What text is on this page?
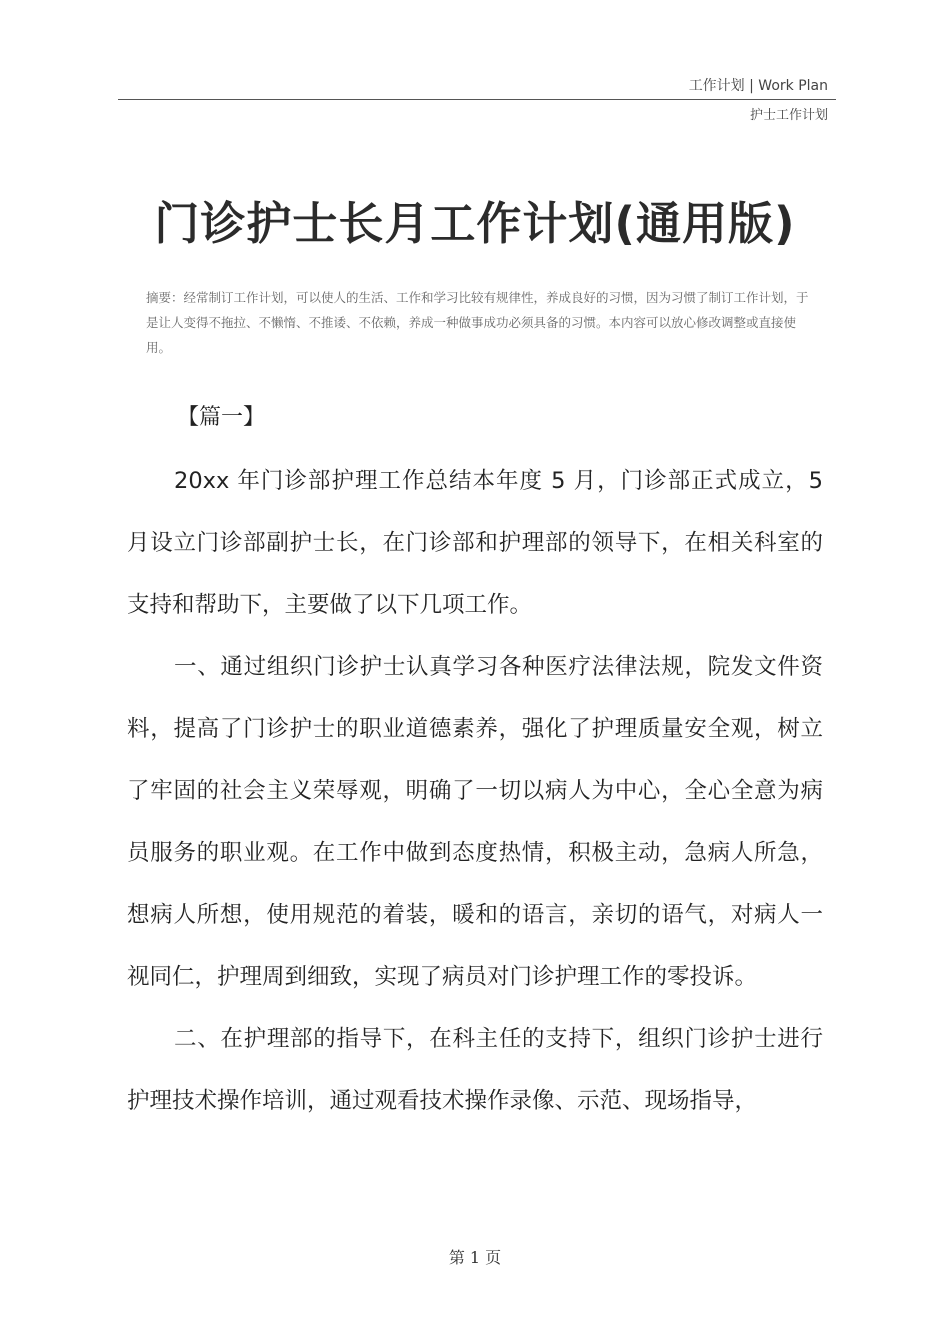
工作计划 | Work Plan
护士工作计划
门诊护士长月工作计划(通用版)
摘要：经常制订工作计划，可以使人的生活、工作和学习比较有规律性，养成良好的习惯，因为习惯了制订工作计划，于是让人变得不拖拉、不懒惰、不推诿、不依赖，养成一种做事成功必须具备的习惯。本内容可以放心修改调整或直接使用。
【篇一】

20xx 年门诊部护理工作总结本年度 5 月，门诊部正式成立，5 月设立门诊部副护士长，在门诊部和护理部的领导下，在相关科室的支持和帮助下，主要做了以下几项工作。

一、通过组织门诊护士认真学习各种医疗法律法规，院发文件资料，提高了门诊护士的职业道德素养，强化了护理质量安全观，树立了牢固的社会主义荣辱观，明确了一切以病人为中心，全心全意为病员服务的职业观。在工作中做到态度热情，积极主动，急病人所急，想病人所想，使用规范的着装，暖和的语言，亲切的语气，对病人一视同仁，护理周到细致，实现了病员对门诊护理工作的零投诉。

二、在护理部的指导下，在科主任的支持下，组织门诊护士进行护理技术操作培训，通过观看技术操作录像、示范、现场指导，

第 1 页
